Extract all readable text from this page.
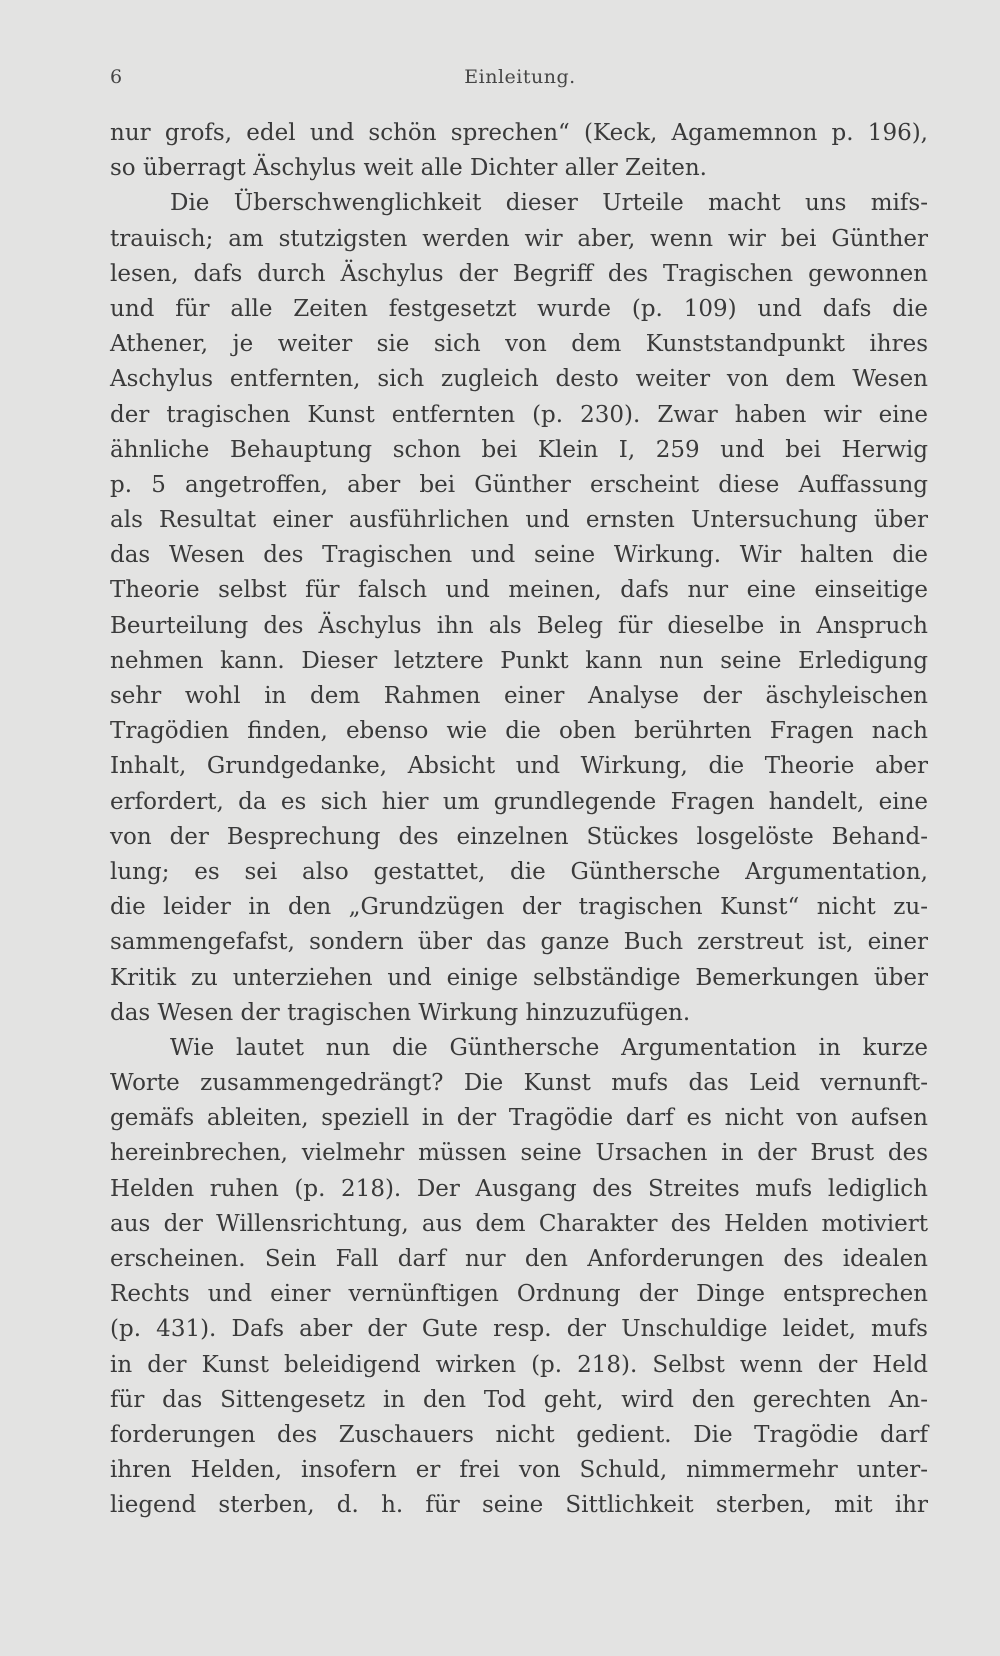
6	Einleitung.
nur grofs, edel und schön sprechen“ (Keck, Agamemnon p. 196),
so überragt Äschylus weit alle Dichter aller Zeiten.
Die Überschwenglichkeit dieser Urteile macht uns mifs-
trauisch; am stutzigsten werden wir aber, wenn wir bei Günther
lesen, dafs durch Äschylus der Begriff des Tragischen gewonnen
und für alle Zeiten festgesetzt wurde (p. 109) und dafs die
Athener, je weiter sie sich von dem Kunststandpunkt ihres
Aschylus entfernten, sich zugleich desto weiter von dem Wesen
der tragischen Kunst entfernten (p. 230). Zwar haben wir eine
ähnliche Behauptung schon bei Klein I, 259 und bei Herwig
p. 5 angetroffen, aber bei Günther erscheint diese Auffassung
als Resultat einer ausführlichen und ernsten Untersuchung über
das Wesen des Tragischen und seine Wirkung. Wir halten die
Theorie selbst für falsch und meinen, dafs nur eine einseitige
Beurteilung des Äschylus ihn als Beleg für dieselbe in Anspruch
nehmen kann. Dieser letztere Punkt kann nun seine Erledigung
sehr wohl in dem Rahmen einer Analyse der äschyleischen
Tragödien finden, ebenso wie die oben berührten Fragen nach
Inhalt, Grundgedanke, Absicht und Wirkung, die Theorie aber
erfordert, da es sich hier um grundlegende Fragen handelt, eine
von der Besprechung des einzelnen Stückes losgelöste Behand-
lung; es sei also gestattet, die Günthersche Argumentation,
die leider in den „Grundzügen der tragischen Kunst“ nicht zu-
sammengefafst, sondern über das ganze Buch zerstreut ist, einer
Kritik zu unterziehen und einige selbständige Bemerkungen über
das Wesen der tragischen Wirkung hinzuzufügen.
Wie lautet nun die Günthersche Argumentation in kurze
Worte zusammengedrängt? Die Kunst mufs das Leid vernunft-
gemäfs ableiten, speziell in der Tragödie darf es nicht von aufsen
hereinbrechen, vielmehr müssen seine Ursachen in der Brust des
Helden ruhen (p. 218). Der Ausgang des Streites mufs lediglich
aus der Willensrichtung, aus dem Charakter des Helden motiviert
erscheinen. Sein Fall darf nur den Anforderungen des idealen
Rechts und einer vernünftigen Ordnung der Dinge entsprechen
(p. 431). Dafs aber der Gute resp. der Unschuldige leidet, mufs
in der Kunst beleidigend wirken (p. 218). Selbst wenn der Held
für das Sittengesetz in den Tod geht, wird den gerechten An-
forderungen des Zuschauers nicht gedient. Die Tragödie darf
ihren Helden, insofern er frei von Schuld, nimmermehr unter-
liegend sterben, d. h. für seine Sittlichkeit sterben, mit ihr
